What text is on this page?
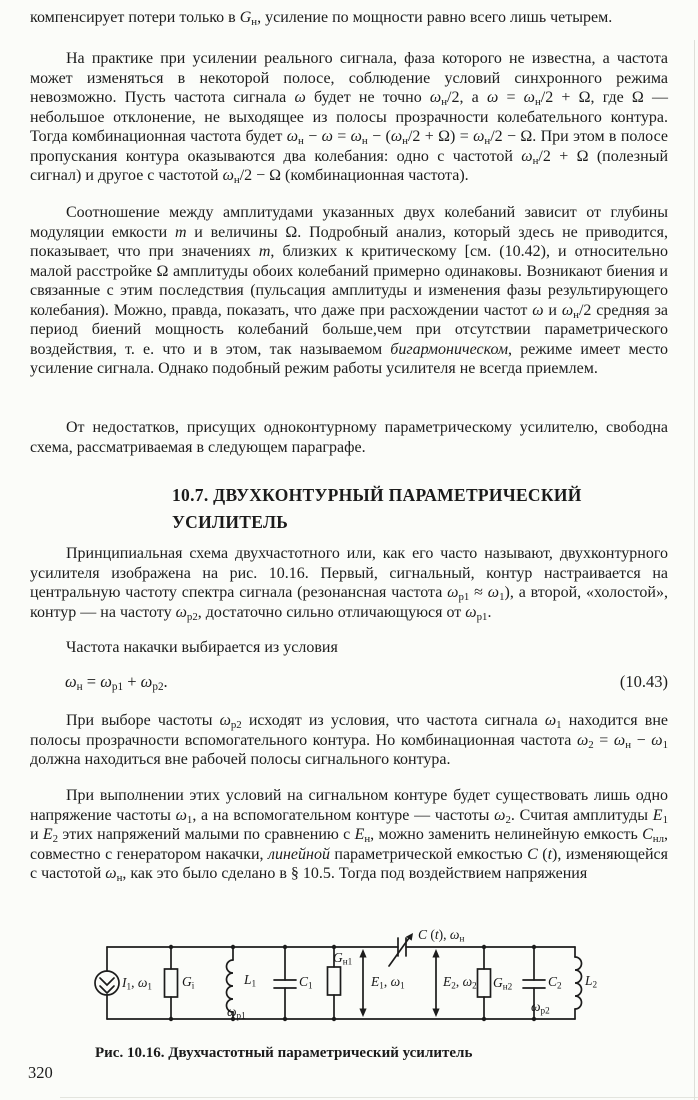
компенсирует потери только в $G_н$, усиление по мощности равно всего лишь четырем.
На практике при усилении реального сигнала, фаза которого не известна, а частота может изменяться в некоторой полосе, соблюдение условий синхронного режима невозможно. Пусть частота сигнала ω будет не точно $\omega_н/2$, а $\omega = \omega_н/2 + \Omega$, где Ω — небольшое отклонение, не выходящее из полосы прозрачности колебательного контура. Тогда комбинационная частота будет $\omega_н - \omega = \omega_н - (\omega_н/2 + \Omega) = \omega_н/2 - \Omega$. При этом в полосе пропускания контура оказываются два колебания: одно с частотой $\omega_н/2 + \Omega$ (полезный сигнал) и другое с частотой $\omega_н/2 - \Omega$ (комбинационная частота).
Соотношение между амплитудами указанных двух колебаний зависит от глубины модуляции емкости m и величины Ω. Подробный анализ, который здесь не приводится, показывает, что при значениях m, близких к критическому [см. (10.42), и относительно малой расстройке Ω амплитуды обоих колебаний примерно одинаковы. Возникают биения и связанные с этим последствия (пульсация амплитуды и изменения фазы результирующего колебания). Можно, правда, показать, что даже при расхождении частот ω и $\omega_н/2$ средняя за период биений мощность колебаний больше,чем при отсутствии параметрического воздействия, т. е. что и в этом, так называемом бигармоническом, режиме имеет место усиление сигнала. Однако подобный режим работы усилителя не всегда приемлем.
От недостатков, присущих одноконтурному параметрическому усилителю, свободна схема, рассматриваемая в следующем параграфе.
10.7. ДВУХКОНТУРНЫЙ ПАРАМЕТРИЧЕСКИЙ
УСИЛИТЕЛЬ
Принципиальная схема двухчастотного или, как его часто называют, двухконтурного усилителя изображена на рис. 10.16. Первый, сигнальный, контур настраивается на центральную частоту спектра сигнала (резонансная частота $\omega_{р1} \approx \omega_1$), а второй, «холостой», контур — на частоту $\omega_{р2}$, достаточно сильно отличающуюся от $\omega_{р1}$.
Частота накачки выбирается из условия
$\omega_н = \omega_{р1} + \omega_{р2}$.	(10.43)
При выборе частоты $\omega_{р2}$ исходят из условия, что частота сигнала $\omega_1$ находится вне полосы прозрачности вспомогательного контура. Но комбинационная частота $\omega_2 = \omega_н - \omega_1$ должна находиться вне рабочей полосы сигнального контура.
При выполнении этих условий на сигнальном контуре будет существовать лишь одно напряжение частоты $\omega_1$, а на вспомогательном контуре — частоты $\omega_2$. Считая амплитуды $E_1$ и $E_2$ этих напряжений малыми по сравнению с $E_н$, можно заменить нелинейную емкость $C_{нл}$, совместно с генератором накачки, линейной параметрической емкостью C (t), изменяющейся с частотой $\omega_н$, как это было сделано в § 10.5. Тогда под воздействием напряжения
$I_1$, $\omega_1$ $G_i$	$L_1$
$\omega_{р1}$
$C_1$
$G_{н1}$
$E_1$, $\omega_1$
C (t), $\omega_н$
$E_2$, $\omega_2$ $G_{н2}$	$C_2$
$\omega_{р2}$
$L_2$
Рис. 10.16. Двухчастотный параметрический усилитель
320
